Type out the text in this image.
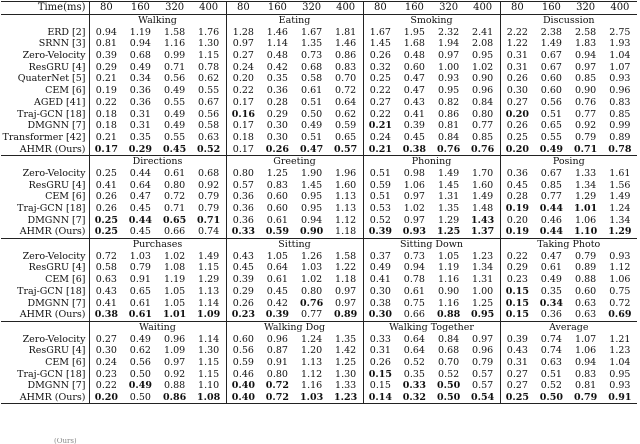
Time(ms)	80	160	320	400	80	160	320	400	80	160	320	400	80	160	320	400
	Walking				Eating				Smoking				Discussion			
ERD [2]	0.94	1.19	1.58	1.76	1.28	1.46	1.67	1.81	1.67	1.95	2.32	2.41	2.22	2.38	2.58	2.75
SRNN [3]	0.81	0.94	1.16	1.30	0.97	1.14	1.35	1.46	1.45	1.68	1.94	2.08	1.22	1.49	1.83	1.93
Zero-Velocity	0.39	0.68	0.99	1.15	0.27	0.48	0.73	0.86	0.26	0.48	0.97	0.95	0.31	0.67	0.94	1.04
ResGRU [4]	0.29	0.49	0.71	0.78	0.24	0.42	0.68	0.83	0.32	0.60	1.00	1.02	0.31	0.67	0.97	1.07
QuaterNet [5]	0.21	0.34	0.56	0.62	0.20	0.35	0.58	0.70	0.25	0.47	0.93	0.90	0.26	0.60	0.85	0.93
CEM [6]	0.19	0.36	0.49	0.55	0.22	0.36	0.61	0.72	0.22	0.47	0.95	0.96	0.30	0.60	0.90	0.96
AGED [41]	0.22	0.36	0.55	0.67	0.17	0.28	0.51	0.64	0.27	0.43	0.82	0.84	0.27	0.56	0.76	0.83
Traj-GCN [18]	0.18	0.31	0.49	0.56	0.16	0.29	0.50	0.62	0.22	0.41	0.86	0.80	0.20	0.51	0.77	0.85
DMGNN [7]	0.18	0.31	0.49	0.58	0.17	0.30	0.49	0.59	0.21	0.39	0.81	0.77	0.26	0.65	0.92	0.99
Transformer [42]	0.21	0.35	0.55	0.63	0.18	0.30	0.51	0.65	0.24	0.45	0.84	0.85	0.25	0.55	0.79	0.89
AHMR (Ours)	0.17	0.29	0.45	0.52	0.17	0.26	0.47	0.57	0.21	0.38	0.76	0.76	0.20	0.49	0.71	0.78
	Directions				Greeting				Phoning				Posing			
Zero-Velocity	0.25	0.44	0.61	0.68	0.80	1.25	1.90	1.96	0.51	0.98	1.49	1.70	0.36	0.67	1.33	1.61
ResGRU [4]	0.41	0.64	0.80	0.92	0.57	0.83	1.45	1.60	0.59	1.06	1.45	1.60	0.45	0.85	1.34	1.56
CEM [6]	0.26	0.47	0.72	0.79	0.36	0.60	0.95	1.13	0.51	0.97	1.31	1.49	0.28	0.77	1.29	1.49
Traj-GCN [18]	0.26	0.45	0.71	0.79	0.36	0.60	0.95	1.13	0.53	1.02	1.35	1.48	0.19	0.44	1.01	1.24
DMGNN [7]	0.25	0.44	0.65	0.71	0.36	0.61	0.94	1.12	0.52	0.97	1.29	1.43	0.20	0.46	1.06	1.34
AHMR (Ours)	0.25	0.45	0.66	0.74	0.33	0.59	0.90	1.18	0.39	0.93	1.25	1.37	0.19	0.44	1.10	1.29
	Purchases				Sitting				Sitting Down				Taking Photo			
Zero-Velocity	0.72	1.03	1.02	1.49	0.43	1.05	1.26	1.58	0.37	0.73	1.05	1.23	0.22	0.47	0.79	0.93
ResGRU [4]	0.58	0.79	1.08	1.15	0.45	0.64	1.03	1.22	0.49	0.94	1.19	1.34	0.29	0.61	0.89	1.12
CEM [6]	0.63	0.91	1.19	1.29	0.39	0.61	1.02	1.18	0.41	0.78	1.16	1.31	0.23	0.49	0.88	1.06
Traj-GCN [18]	0.43	0.65	1.05	1.13	0.29	0.45	0.80	0.97	0.30	0.61	0.90	1.00	0.15	0.35	0.60	0.75
DMGNN [7]	0.41	0.61	1.05	1.14	0.26	0.42	0.76	0.97	0.38	0.75	1.16	1.25	0.15	0.34	0.63	0.72
AHMR (Ours)	0.38	0.61	1.01	1.09	0.23	0.39	0.77	0.89	0.30	0.66	0.88	0.95	0.15	0.36	0.63	0.69
	Waiting				Walking Dog				Walking Together				Average			
Zero-Velocity	0.27	0.49	0.96	1.14	0.60	0.96	1.24	1.35	0.33	0.64	0.84	0.97	0.39	0.74	1.07	1.21
ResGRU [4]	0.30	0.62	1.09	1.30	0.56	0.87	1.20	1.42	0.31	0.64	0.68	0.96	0.43	0.74	1.06	1.23
CEM [6]	0.24	0.56	0.97	1.15	0.59	0.91	1.13	1.25	0.26	0.52	0.70	0.79	0.31	0.63	0.94	1.04
Traj-GCN [18]	0.23	0.50	0.92	1.15	0.46	0.80	1.12	1.30	0.15	0.35	0.52	0.57	0.27	0.51	0.83	0.95
DMGNN [7]	0.22	0.49	0.88	1.10	0.40	0.72	1.16	1.33	0.15	0.33	0.50	0.57	0.27	0.52	0.81	0.93
AHMR (Ours)	0.20	0.50	0.86	1.08	0.40	0.72	1.03	1.23	0.14	0.32	0.50	0.54	0.25	0.50	0.79	0.91
(Ours)
